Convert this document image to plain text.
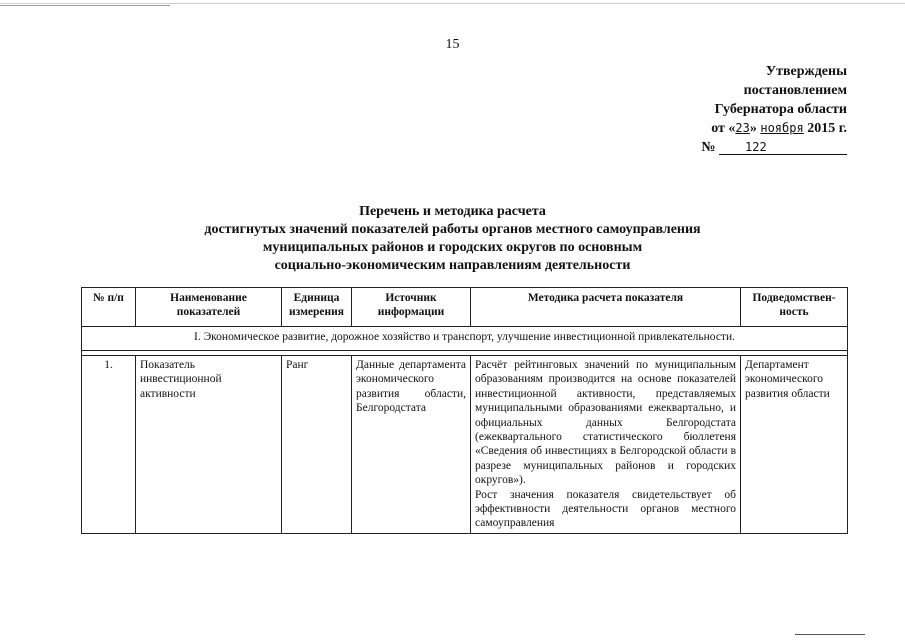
15
Утверждены
постановлением
Губернатора области
от «23» ноября 2015 г.
№ 122
Перечень и методика расчета
достигнутых значений показателей работы органов местного самоуправления
муниципальных районов и городских округов по основным
социально-экономическим направлениям деятельности
№ п/п	Наименование показателей	Единица измерения	Источник информации	Методика расчета показателя	Подведомствен-ность
I. Экономическое развитие, дорожное хозяйство и транспорт, улучшение инвестиционной привлекательности.					

1.	Показатель инвестиционной активности	Ранг	Данные департамента экономического развития области, Белгородстата	Расчёт рейтинговых значений по муниципальным образованиям производится на основе показателей инвестиционной активности, представляемых муниципальными образованиями ежеквартально, и официальных данных Белгородстата (ежеквартального статистического бюллетеня «Сведения об инвестициях в Белгородской области в разрезе муниципальных районов и городских округов»).
Рост значения показателя свидетельствует об эффективности деятельности органов местного самоуправления	Департамент экономического развития области
